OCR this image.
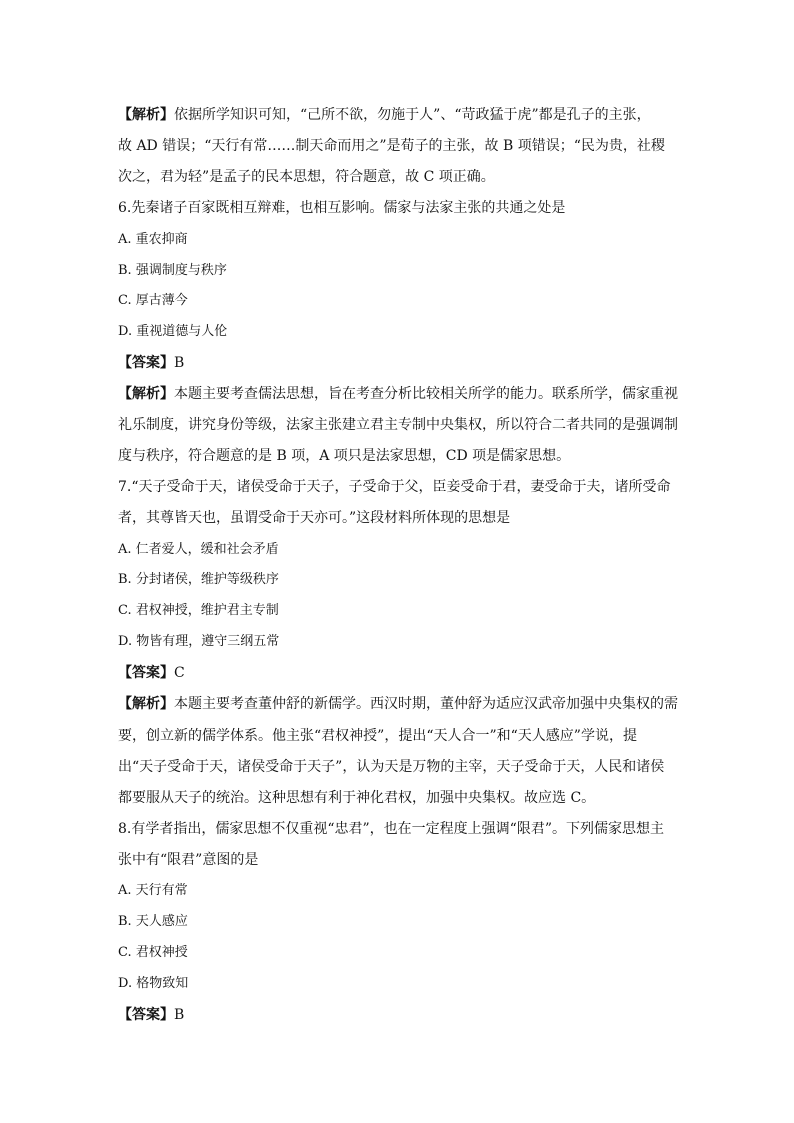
【解析】依据所学知识可知，“己所不欲，勿施于人”、“苛政猛于虎”都是孔子的主张，
故 AD 错误；“天行有常……制天命而用之”是荀子的主张，故 B 项错误；“民为贵，社稷
次之，君为轻”是孟子的民本思想，符合题意，故 C 项正确。
6.先秦诸子百家既相互辩难，也相互影响。儒家与法家主张的共通之处是
A. 重农抑商
B. 强调制度与秩序
C. 厚古薄今
D. 重视道德与人伦
【答案】B
【解析】本题主要考查儒法思想，旨在考查分析比较相关所学的能力。联系所学，儒家重视
礼乐制度，讲究身份等级，法家主张建立君主专制中央集权，所以符合二者共同的是强调制
度与秩序，符合题意的是 B 项，A 项只是法家思想，CD 项是儒家思想。
7.“天子受命于天，诸侯受命于天子，子受命于父，臣妾受命于君，妻受命于夫，诸所受命
者，其尊皆天也，虽谓受命于天亦可。”这段材料所体现的思想是
A. 仁者爱人，缓和社会矛盾
B. 分封诸侯，维护等级秩序
C. 君权神授，维护君主专制
D. 物皆有理，遵守三纲五常
【答案】C
【解析】本题主要考查董仲舒的新儒学。西汉时期，董仲舒为适应汉武帝加强中央集权的需
要，创立新的儒学体系。他主张“君权神授”，提出“天人合一”和“天人感应”学说，提
出“天子受命于天，诸侯受命于天子”，认为天是万物的主宰，天子受命于天，人民和诸侯
都要服从天子的统治。这种思想有利于神化君权，加强中央集权。故应选 C。
8.有学者指出，儒家思想不仅重视“忠君”，也在一定程度上强调“限君”。下列儒家思想主
张中有“限君”意图的是
A. 天行有常
B. 天人感应
C. 君权神授
D. 格物致知
【答案】B
